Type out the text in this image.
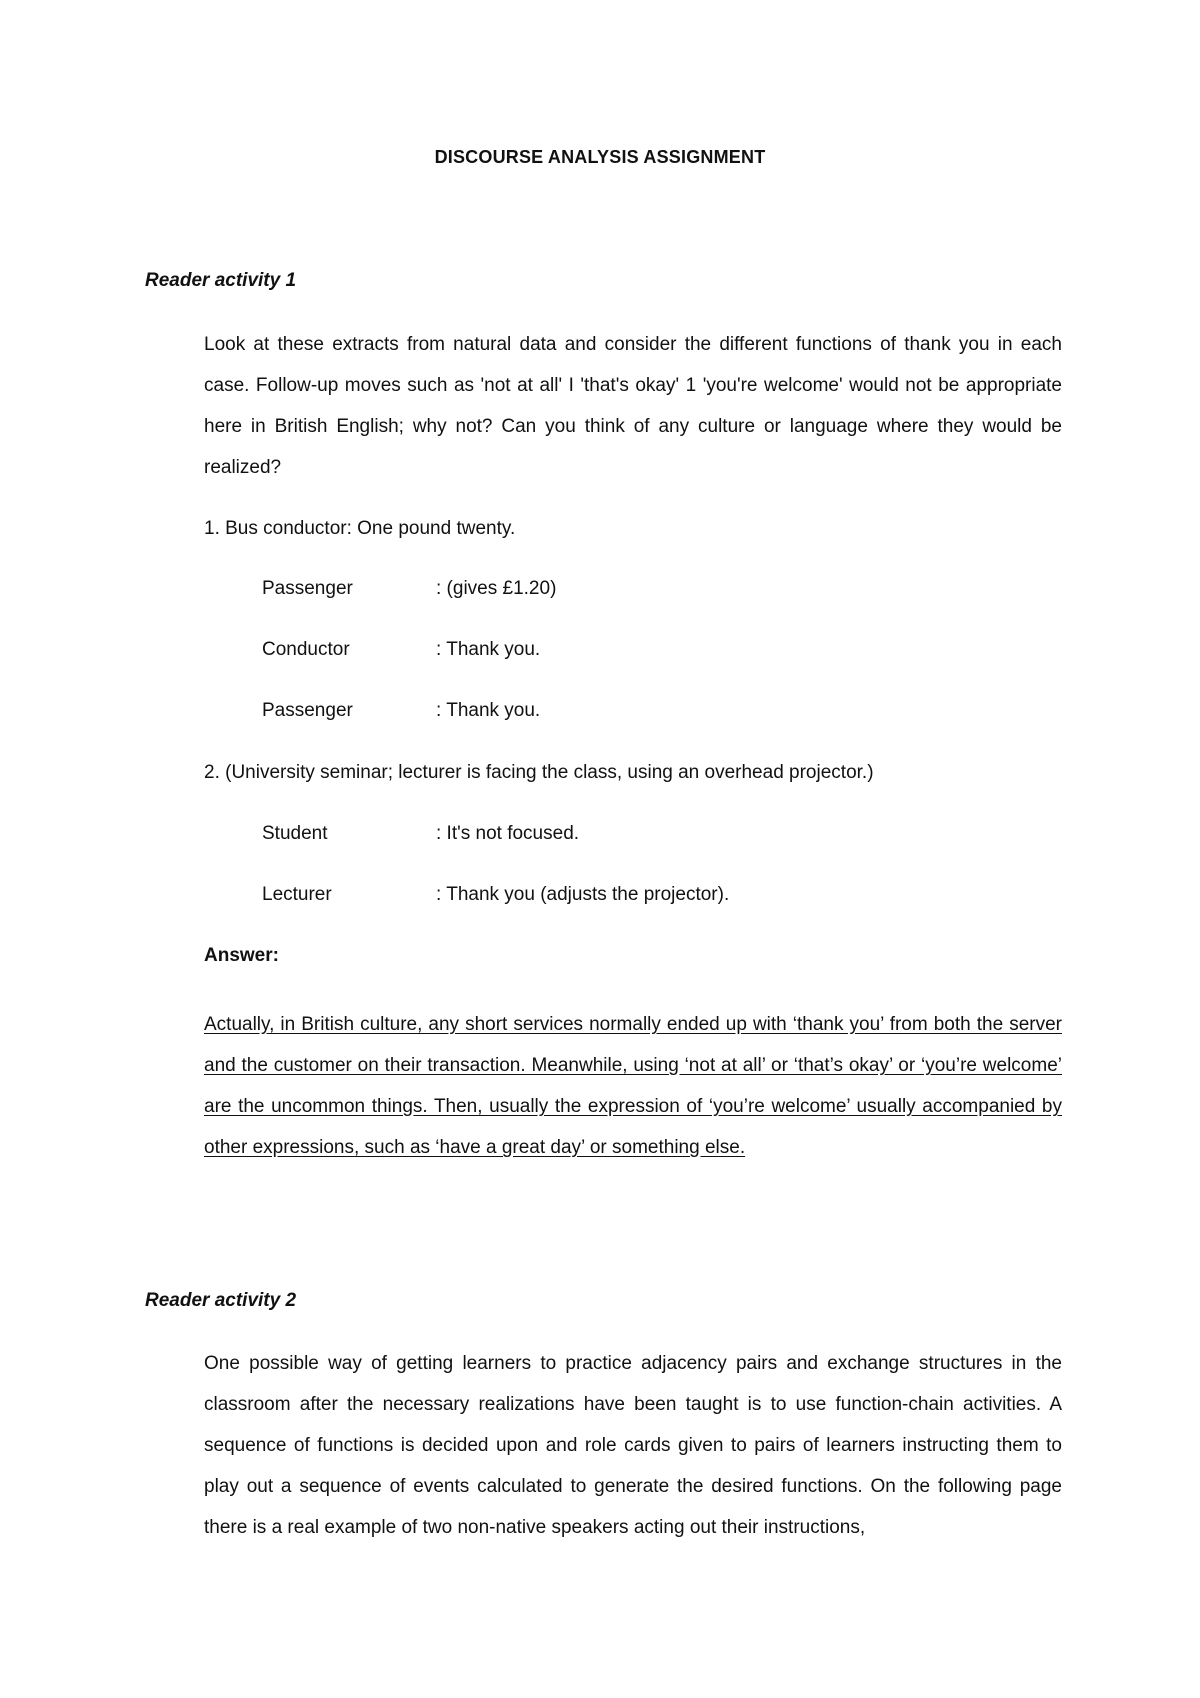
DISCOURSE ANALYSIS ASSIGNMENT
Reader activity 1

Look at these extracts from natural data and consider the different functions of thank you in each case. Follow-up moves such as 'not at all' I 'that's okay' 1 'you're welcome' would not be appropriate here in British English; why not? Can you think of any culture or language where they would be realized?

1. Bus conductor: One pound twenty.
Passenger	: (gives £1.20)
Conductor	: Thank you.
Passenger	: Thank you.
2. (University seminar; lecturer is facing the class, using an overhead projector.)
Student	: It's not focused.
Lecturer	: Thank you (adjusts the projector).
Answer:

Actually, in British culture, any short services normally ended up with ‘thank you’ from both the server and the customer on their transaction. Meanwhile, using ‘not at all’ or ‘that’s okay’ or ‘you’re welcome’ are the uncommon things. Then, usually the expression of ‘you’re welcome’ usually accompanied by other expressions, such as ‘have a great day’ or something else.

Reader activity 2

One possible way of getting learners to practice adjacency pairs and exchange structures in the classroom after the necessary realizations have been taught is to use function-chain activities. A sequence of functions is decided upon and role cards given to pairs of learners instructing them to play out a sequence of events calculated to generate the desired functions. On the following page there is a real example of two non-native speakers acting out their instructions,
